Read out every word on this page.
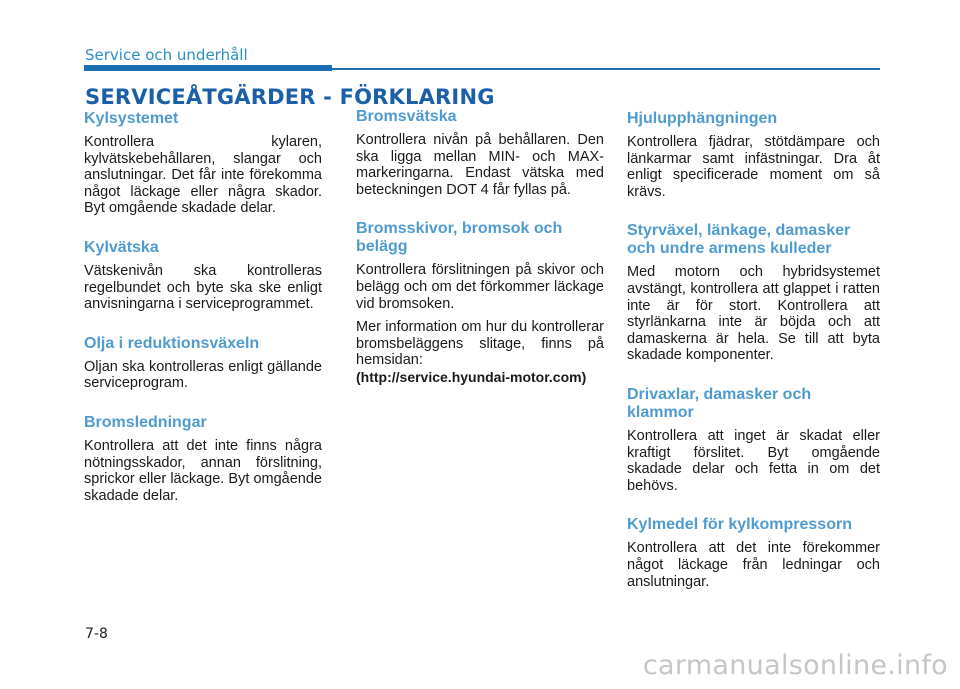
Service och underhåll
SERVICEÅTGÄRDER - FÖRKLARING
Kylsystemet

Kontrollera kylaren, kylvätskebehållaren, slangar och anslutningar. Det får inte förekomma något läckage eller några skador. Byt omgående skadade delar.

Kylvätska

Vätskenivån ska kontrolleras regelbundet och byte ska ske enligt anvisningarna i serviceprogrammet.

Olja i reduktionsväxeln

Oljan ska kontrolleras enligt gällande serviceprogram.

Bromsledningar

Kontrollera att det inte finns några nötningsskador, annan förslitning, sprickor eller läckage. Byt omgående skadade delar.

Bromsvätska

Kontrollera nivån på behållaren. Den ska ligga mellan MIN- och MAX-markeringarna. Endast vätska med beteckningen DOT 4 får fyllas på.

Bromsskivor, bromsok och belägg

Kontrollera förslitningen på skivor och belägg och om det förkommer läckage vid bromsoken.

Mer information om hur du kontrollerar bromsbeläggens slitage, finns på hemsidan:

(http://service.hyundai-motor.com)

Hjulupphängningen

Kontrollera fjädrar, stötdämpare och länkarmar samt infästningar. Dra åt enligt specificerade moment om så krävs.

Styrväxel, länkage, damasker och undre armens kulleder

Med motorn och hybridsystemet avstängt, kontrollera att glappet i ratten inte är för stort. Kontrollera att styrlänkarna inte är böjda och att damaskerna är hela. Se till att byta skadade komponenter.

Drivaxlar, damasker och klammor

Kontrollera att inget är skadat eller kraftigt förslitet. Byt omgående skadade delar och fetta in om det behövs.

Kylmedel för kylkompressorn

Kontrollera att det inte förekommer något läckage från ledningar och anslutningar.

7-8
carmanualsonline.info
